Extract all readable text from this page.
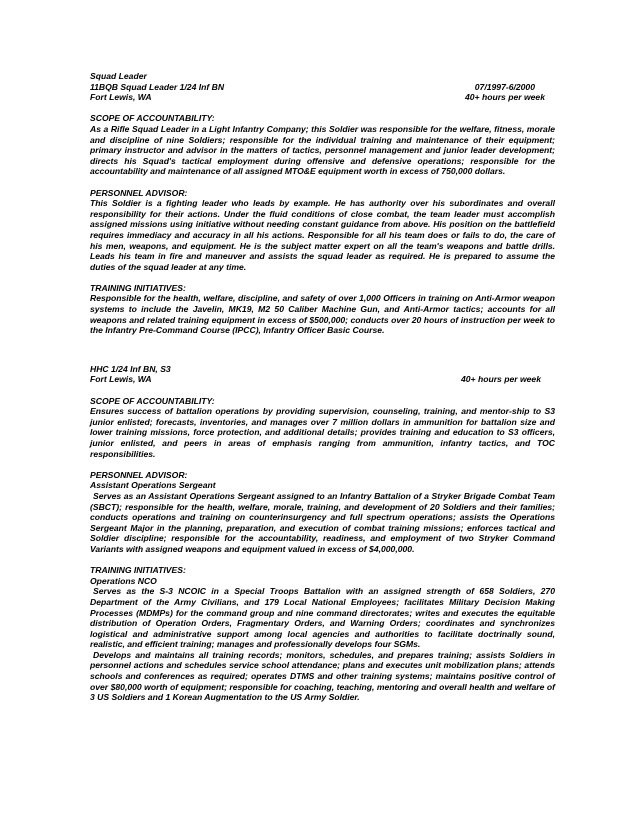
Squad Leader

11BQB Squad Leader 1/24 Inf BN	07/1997-6/2000
Fort Lewis, WA	40+ hours per week

SCOPE OF ACCOUNTABILITY:

As a Rifle Squad Leader in a Light Infantry Company; this Soldier was responsible for the welfare, fitness, morale and discipline of nine Soldiers; responsible for the individual training and maintenance of their equipment; primary instructor and advisor in the matters of tactics, personnel management and junior leader development; directs his Squad's tactical employment during offensive and defensive operations; responsible for the accountability and maintenance of all assigned MTO&E equipment worth in excess of 750,000 dollars.

PERSONNEL ADVISOR:

This Soldier is a fighting leader who leads by example. He has authority over his subordinates and overall responsibility for their actions. Under the fluid conditions of close combat, the team leader must accomplish assigned missions using initiative without needing constant guidance from above. His position on the battlefield requires immediacy and accuracy in all his actions. Responsible for all his team does or fails to do, the care of his men, weapons, and equipment. He is the subject matter expert on all the team's weapons and battle drills. Leads his team in fire and maneuver and assists the squad leader as required. He is prepared to assume the duties of the squad leader at any time.

TRAINING INITIATIVES:

Responsible for the health, welfare, discipline, and safety of over 1,000 Officers in training on Anti-Armor weapon systems to include the Javelin, MK19, M2 50 Caliber Machine Gun, and Anti-Armor tactics; accounts for all weapons and related training equipment in excess of $500,000; conducts over 20 hours of instruction per week to the Infantry Pre-Command Course (IPCC), Infantry Officer Basic Course.

HHC 1/24 Inf BN, S3

Fort Lewis, WA	40+ hours per week

SCOPE OF ACCOUNTABILITY:

Ensures success of battalion operations by providing supervision, counseling, training, and mentor-ship to S3 junior enlisted; forecasts, inventories, and manages over 7 million dollars in ammunition for battalion size and lower training missions, force protection, and additional details; provides training and education to S3 officers, junior enlisted, and peers in areas of emphasis ranging from ammunition, infantry tactics, and TOC responsibilities.

PERSONNEL ADVISOR:

Assistant Operations Sergeant

Serves as an Assistant Operations Sergeant assigned to an Infantry Battalion of a Stryker Brigade Combat Team (SBCT); responsible for the health, welfare, morale, training, and development of 20 Soldiers and their families; conducts operations and training on counterinsurgency and full spectrum operations; assists the Operations Sergeant Major in the planning, preparation, and execution of combat training missions; enforces tactical and Soldier discipline; responsible for the accountability, readiness, and employment of two Stryker Command Variants with assigned weapons and equipment valued in excess of $4,000,000.

TRAINING INITIATIVES:

Operations NCO

Serves as the S-3 NCOIC in a Special Troops Battalion with an assigned strength of 658 Soldiers, 270 Department of the Army Civilians, and 179 Local National Employees; facilitates Military Decision Making Processes (MDMPs) for the command group and nine command directorates; writes and executes the equitable distribution of Operation Orders, Fragmentary Orders, and Warning Orders; coordinates and synchronizes logistical and administrative support among local agencies and authorities to facilitate doctrinally sound, realistic, and efficient training; manages and professionally develops four SGMs.

Develops and maintains all training records; monitors, schedules, and prepares training; assists Soldiers in personnel actions and schedules service school attendance; plans and executes unit mobilization plans; attends schools and conferences as required; operates DTMS and other training systems; maintains positive control of over $80,000 worth of equipment; responsible for coaching, teaching, mentoring and overall health and welfare of 3 US Soldiers and 1 Korean Augmentation to the US Army Soldier.
